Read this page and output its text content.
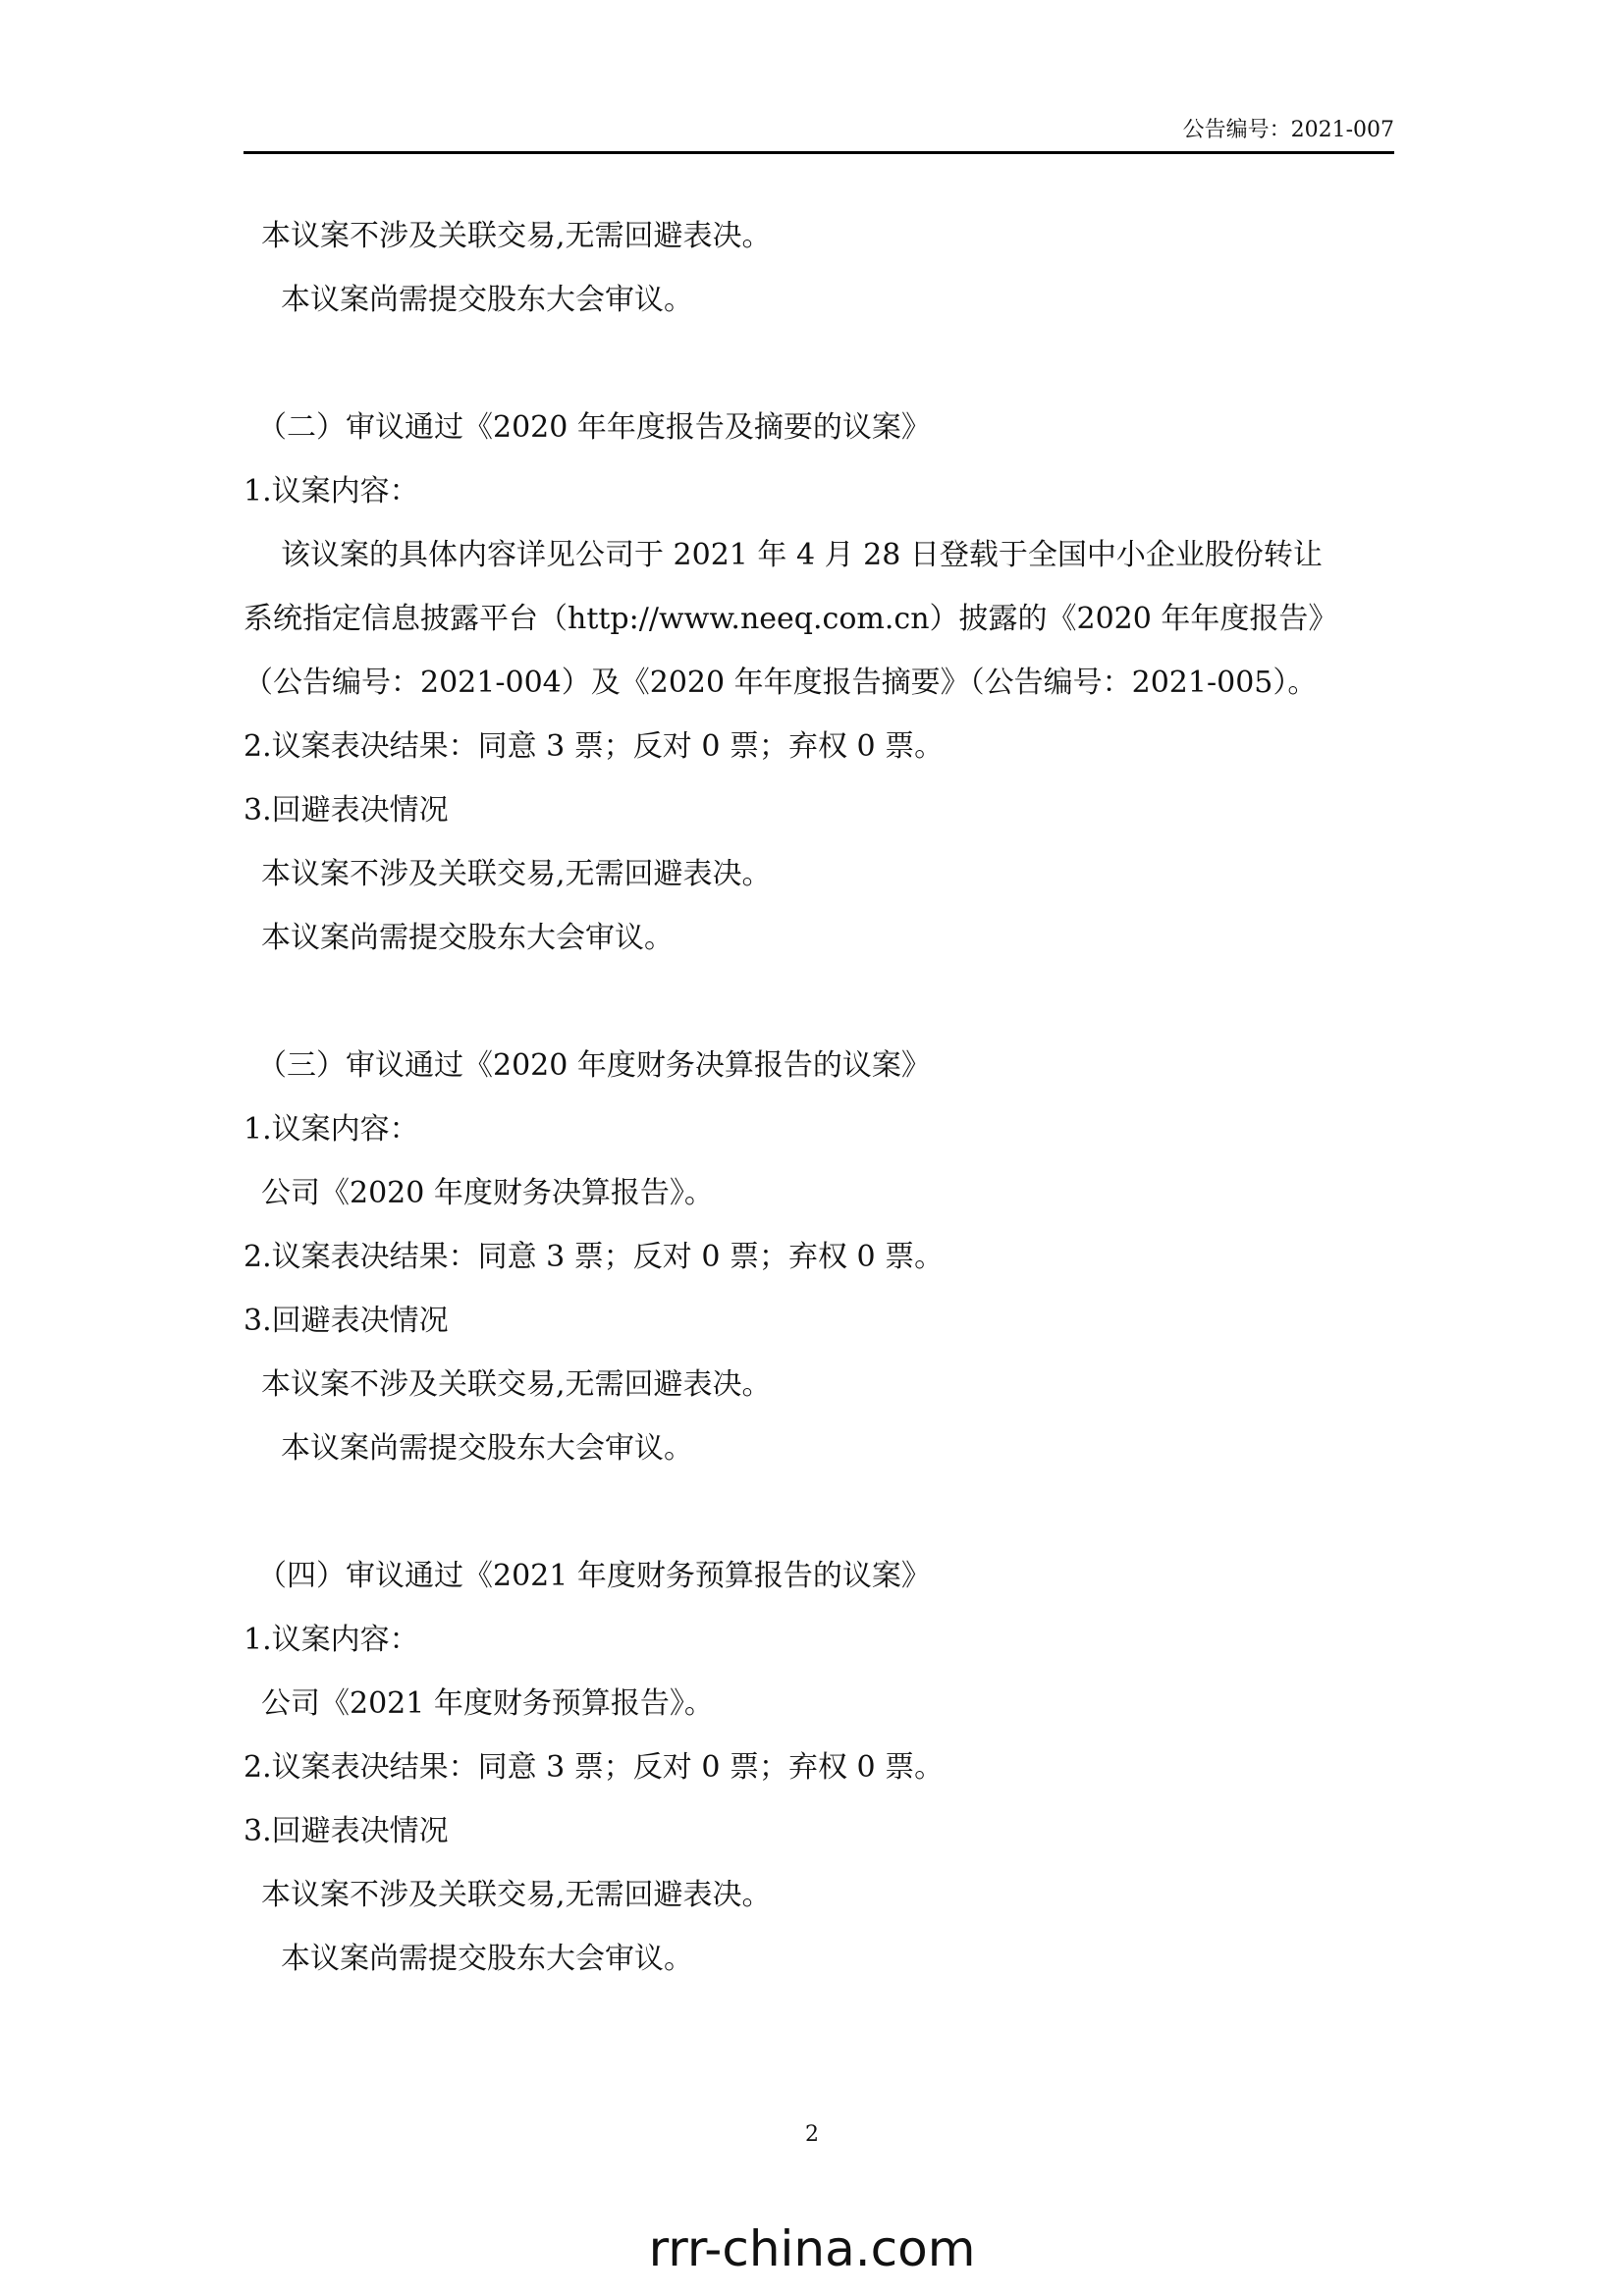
公告编号：2021-007
本议案不涉及关联交易,无需回避表决。
本议案尚需提交股东大会审议。
（二）审议通过《2020 年年度报告及摘要的议案》
1.议案内容：
该议案的具体内容详见公司于 2021 年 4 月 28 日登载于全国中小企业股份转让
系统指定信息披露平台（http://www.neeq.com.cn）披露的《2020 年年度报告》
（公告编号：2021-004）及《2020 年年度报告摘要》（公告编号：2021-005）。
2.议案表决结果：同意 3 票；反对 0 票；弃权 0 票。
3.回避表决情况
本议案不涉及关联交易,无需回避表决。
本议案尚需提交股东大会审议。
（三）审议通过《2020 年度财务决算报告的议案》
1.议案内容：
公司《2020 年度财务决算报告》。
2.议案表决结果：同意 3 票；反对 0 票；弃权 0 票。
3.回避表决情况
本议案不涉及关联交易,无需回避表决。
本议案尚需提交股东大会审议。
（四）审议通过《2021 年度财务预算报告的议案》
1.议案内容：
公司《2021 年度财务预算报告》。
2.议案表决结果：同意 3 票；反对 0 票；弃权 0 票。
3.回避表决情况
本议案不涉及关联交易,无需回避表决。
本议案尚需提交股东大会审议。
2
rrr-china.com
